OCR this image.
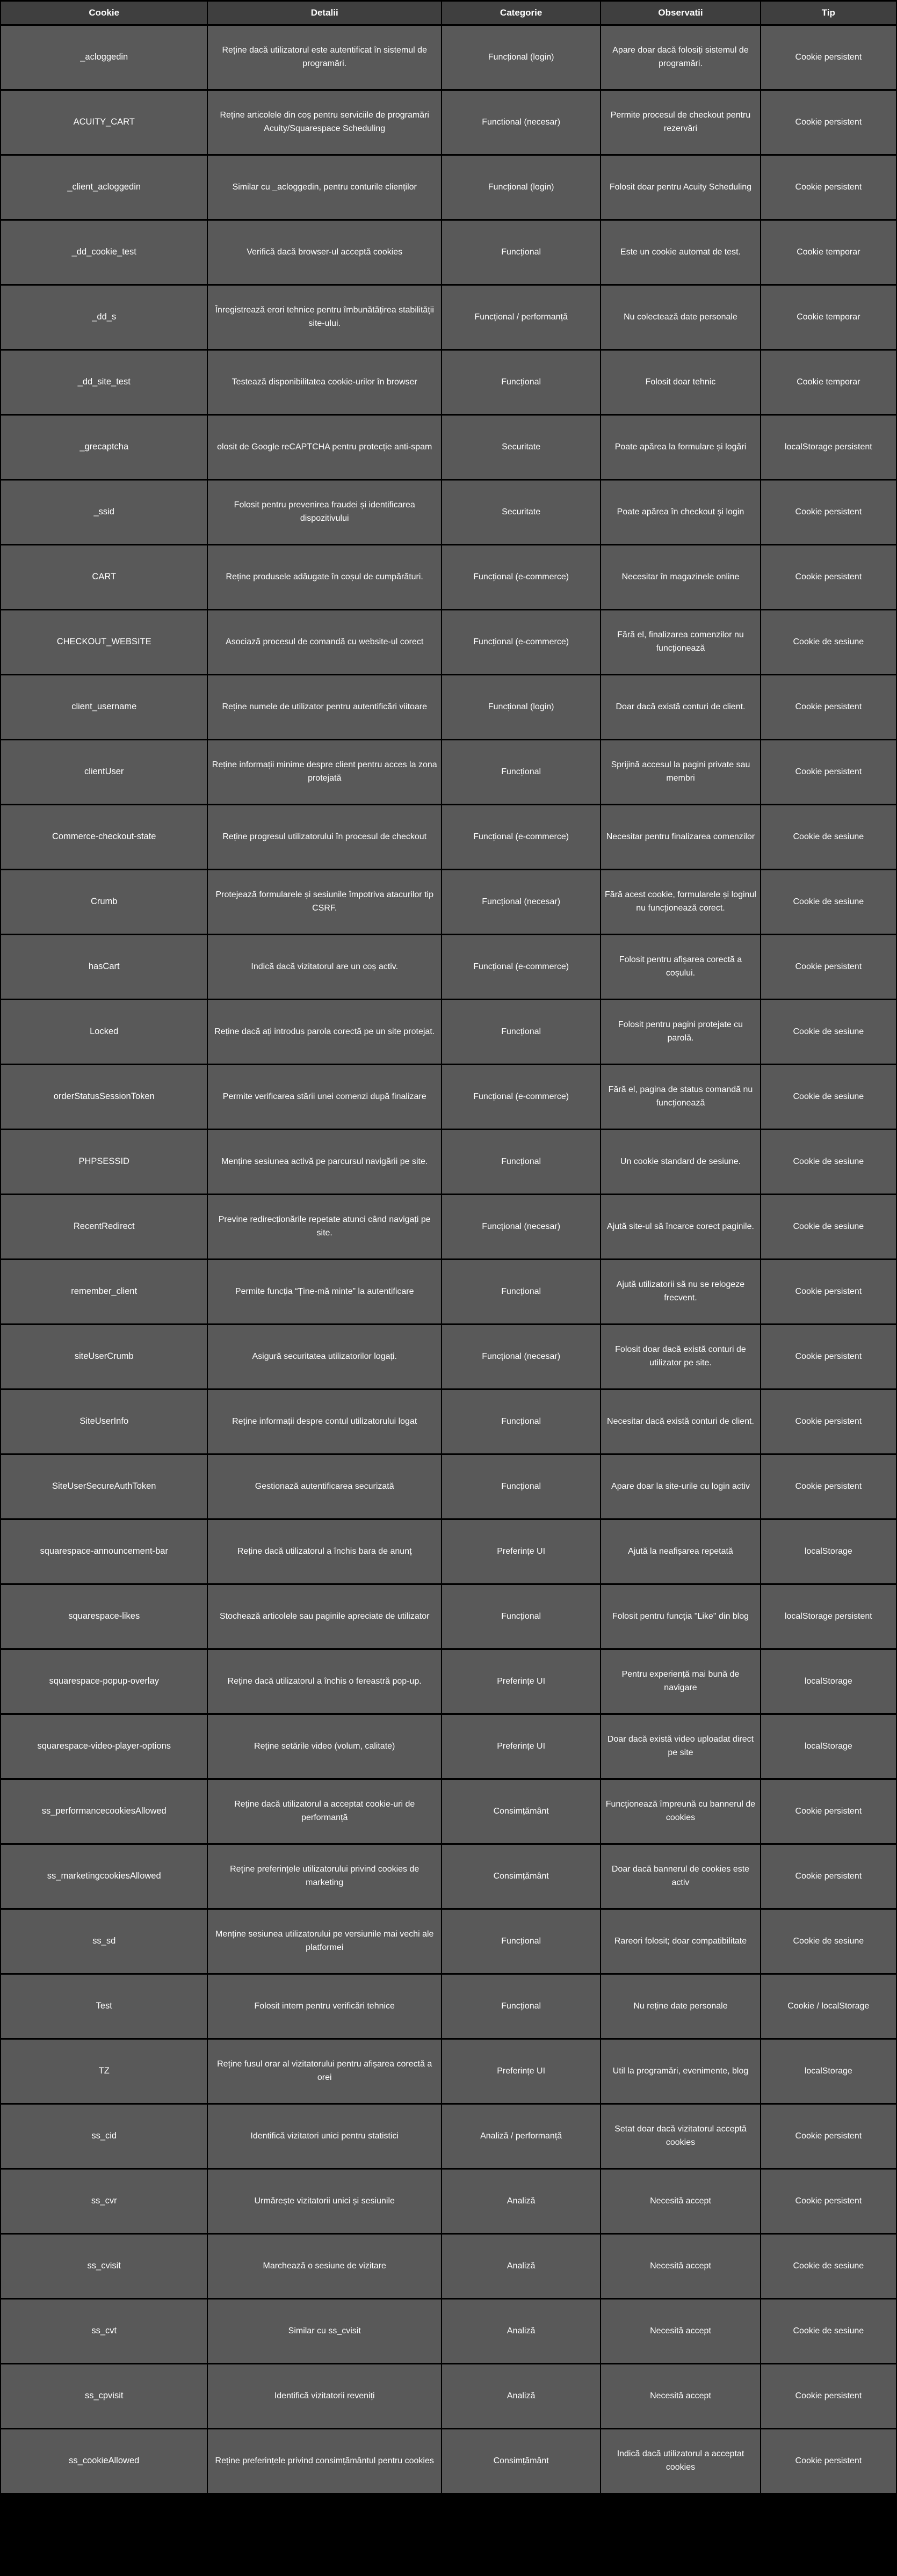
Cookie	Detalii	Categorie	Observatii	Tip
_acloggedin	Reține dacă utilizatorul este autentificat în sistemul de programări.	Funcțional (login)	Apare doar dacă folosiți sistemul de programări.	Cookie persistent
ACUITY_CART	Reține articolele din coș pentru serviciile de programări Acuity/Squarespace Scheduling	Functional (necesar)	Permite procesul de checkout pentru rezervări	Cookie persistent
_client_acloggedin	Similar cu _acloggedin, pentru conturile clienților	Funcțional (login)	Folosit doar pentru Acuity Scheduling	Cookie persistent
_dd_cookie_test	Verifică dacă browser-ul acceptă cookies	Funcțional	Este un cookie automat de test.	Cookie temporar
_dd_s	Înregistrează erori tehnice pentru îmbunătățirea stabilității site-ului.	Funcțional / performanță	Nu colectează date personale	Cookie temporar
_dd_site_test	Testează disponibilitatea cookie-urilor în browser	Funcțional	Folosit doar tehnic	Cookie temporar
_grecaptcha	olosit de Google reCAPTCHA pentru protecție anti-spam	Securitate	Poate apărea la formulare și logări	localStorage persistent
_ssid	Folosit pentru prevenirea fraudei și identificarea dispozitivului	Securitate	Poate apărea în checkout și login	Cookie persistent
CART	Reține produsele adăugate în coșul de cumpărături.	Funcțional (e-commerce)	Necesitar în magazinele online	Cookie persistent
CHECKOUT_WEBSITE	Asociază procesul de comandă cu website-ul corect	Funcțional (e-commerce)	Fără el, finalizarea comenzilor nu funcționează	Cookie de sesiune
client_username	Reține numele de utilizator pentru autentificări viitoare	Funcțional (login)	Doar dacă există conturi de client.	Cookie persistent
clientUser	Reține informații minime despre client pentru acces la zona protejată	Funcțional	Sprijină accesul la pagini private sau membri	Cookie persistent
Commerce-checkout-state	Reține progresul utilizatorului în procesul de checkout	Funcțional (e-commerce)	Necesitar pentru finalizarea comenzilor	Cookie de sesiune
Crumb	Protejează formularele și sesiunile împotriva atacurilor tip CSRF.	Funcțional (necesar)	Fără acest cookie, formularele și loginul nu funcționează corect.	Cookie de sesiune
hasCart	Indică dacă vizitatorul are un coș activ.	Funcțional (e-commerce)	Folosit pentru afișarea corectă a coșului.	Cookie persistent
Locked	Reține dacă ați introdus parola corectă pe un site protejat.	Funcțional	Folosit pentru pagini protejate cu parolă.	Cookie de sesiune
orderStatusSessionToken	Permite verificarea stării unei comenzi după finalizare	Funcțional (e-commerce)	Fără el, pagina de status comandă nu funcționează	Cookie de sesiune
PHPSESSID	Menține sesiunea activă pe parcursul navigării pe site.	Funcțional	Un cookie standard de sesiune.	Cookie de sesiune
RecentRedirect	Previne redirecționările repetate atunci când navigați pe site.	Funcțional (necesar)	Ajută site-ul să încarce corect paginile.	Cookie de sesiune
remember_client	Permite funcția “Ține-mă minte” la autentificare	Funcțional	Ajută utilizatorii să nu se relogeze frecvent.	Cookie persistent
siteUserCrumb	Asigură securitatea utilizatorilor logați.	Funcțional (necesar)	Folosit doar dacă există conturi de utilizator pe site.	Cookie persistent
SiteUserInfo	Reține informații despre contul utilizatorului logat	Funcțional	Necesitar dacă există conturi de client.	Cookie persistent
SiteUserSecureAuthToken	Gestionază autentificarea securizată	Funcțional	Apare doar la site-urile cu login activ	Cookie persistent
squarespace-announcement-bar	Reține dacă utilizatorul a închis bara de anunț	Preferințe UI	Ajută la neafișarea repetată	localStorage
squarespace-likes	Stochează articolele sau paginile apreciate de utilizator	Funcțional	Folosit pentru funcția "Like" din blog	localStorage persistent
squarespace-popup-overlay	Reține dacă utilizatorul a închis o fereastră pop-up.	Preferințe UI	Pentru experiență mai bună de navigare	localStorage
squarespace-video-player-options	Reține setările video (volum, calitate)	Preferințe UI	Doar dacă există video uploadat direct pe site	localStorage
ss_performancecookiesAllowed	Reține dacă utilizatorul a acceptat cookie-uri de performanță	Consimțământ	Funcționează împreună cu bannerul de cookies	Cookie persistent
ss_marketingcookiesAllowed	Reține preferințele utilizatorului privind cookies de marketing	Consimțământ	Doar dacă bannerul de cookies este activ	Cookie persistent
ss_sd	Menține sesiunea utilizatorului pe versiunile mai vechi ale platformei	Funcțional	Rareori folosit; doar compatibilitate	Cookie de sesiune
Test	Folosit intern pentru verificări tehnice	Funcțional	Nu reține date personale	Cookie / localStorage
TZ	Reține fusul orar al vizitatorului pentru afișarea corectă a orei	Preferințe UI	Util la programări, evenimente, blog	localStorage
ss_cid	Identifică vizitatori unici pentru statistici	Analiză / performanță	Setat doar dacă vizitatorul acceptă cookies	Cookie persistent
ss_cvr	Urmărește vizitatorii unici și sesiunile	Analiză	Necesită accept	Cookie persistent
ss_cvisit	Marchează o sesiune de vizitare	Analiză	Necesită accept	Cookie de sesiune
ss_cvt	Similar cu ss_cvisit	Analiză	Necesită accept	Cookie de sesiune
ss_cpvisit	Identifică vizitatorii reveniți	Analiză	Necesită accept	Cookie persistent
ss_cookieAllowed	Reține preferințele privind consimțământul pentru cookies	Consimțământ	Indică dacă utilizatorul a acceptat cookies	Cookie persistent
